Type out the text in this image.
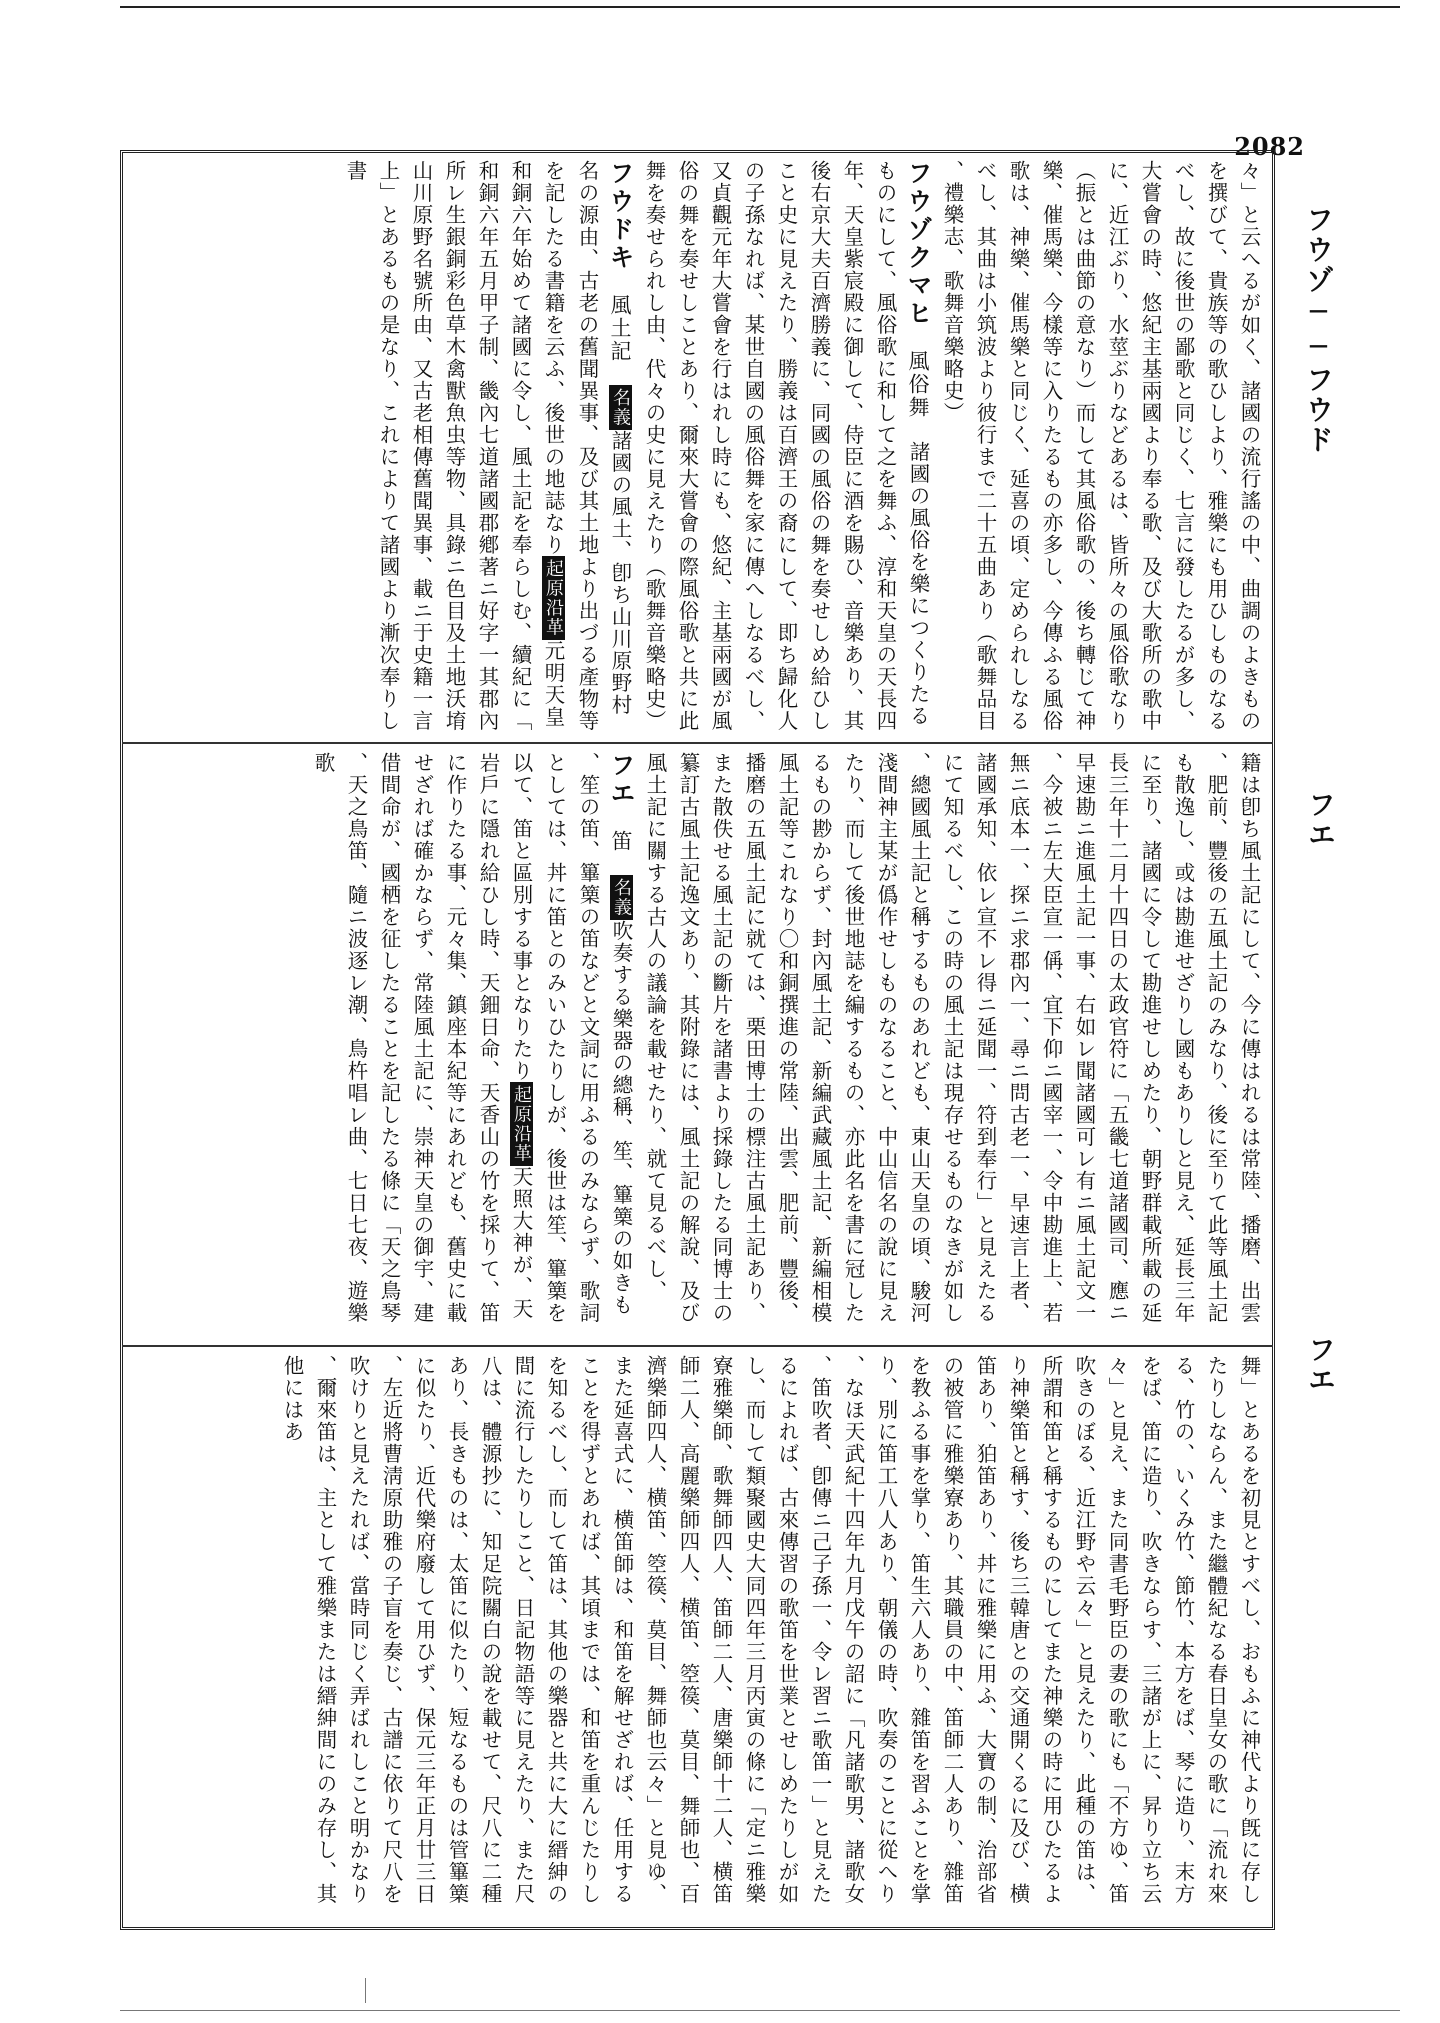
2082
フウゾ──フウド
フエ
フエ
々」と云へるが如く、諸國の流行謠の中、曲調のよきものを撰びて、貴族等の歌ひしより、雅樂にも用ひしものなるべし、故に後世の鄙歌と同じく、七言に發したるが多し、大嘗會の時、悠紀主基兩國より奉る歌、及び大歌所の歌中に、近江ぶり、水莖ぶりなどあるは、皆所々の風俗歌なり（振とは曲節の意なり）而して其風俗歌の、後ち轉じて神樂、催馬樂、今樣等に入りたるもの亦多し、今傳ふる風俗歌は、神樂、催馬樂と同じく、延喜の頃、定められしなるべし、其曲は小筑波より彼行まで二十五曲あり（歌舞品目、禮樂志、歌舞音樂略史）
フウゾクマヒ　風俗舞　諸國の風俗を樂につくりたるものにして、風俗歌に和して之を舞ふ、淳和天皇の天長四年、天皇紫宸殿に御して、侍臣に酒を賜ひ、音樂あり、其後右京大夫百濟勝義に、同國の風俗の舞を奏せしめ給ひしこと史に見えたり、勝義は百濟王の裔にして、即ち歸化人の子孫なれば、某世自國の風俗舞を家に傳へしなるべし、又貞觀元年大嘗會を行はれし時にも、悠紀、主基兩國が風俗の舞を奏せしことあり、爾來大嘗會の際風俗歌と共に此舞を奏せられし由、代々の史に見えたり（歌舞音樂略史）
フウドキ　風土記　名義諸國の風土、卽ち山川原野村名の源由、古老の舊聞異事、及び其土地より出づる產物等を記したる書籍を云ふ、後世の地誌なり起原沿革元明天皇和銅六年始めて諸國に令し、風土記を奉らしむ、續紀に「和銅六年五月甲子制、畿內七道諸國郡鄕著ニ好字一其郡內所レ生銀銅彩色草木禽獸魚虫等物、具錄ニ色目及土地沃堉山川原野名號所由、又古老相傳舊聞異事、載ニ于史籍一言上」とあるもの是なり、これによりて諸國より漸次奉りし書
籍は卽ち風土記にして、今に傳はれるは常陸、播磨、出雲、肥前、豐後の五風土記のみなり、後に至りて此等風土記も散逸し、或は勘進せざりし國もありしと見え、延長三年に至り、諸國に令して勘進せしめたり、朝野群載所載の延長三年十二月十四日の太政官符に「五畿七道諸國司、應ニ早速勘ニ進風土記一事、右如レ聞諸國可レ有ニ風土記文一、今被ニ左大臣宣一偁、宜下仰ニ國宰一、令中勘進上、若無ニ底本一、探ニ求郡內一、尋ニ問古老一、早速言上者、諸國承知、依レ宣不レ得ニ延聞一、符到奉行」と見えたるにて知るべし、この時の風土記は現存せるものなきが如し、總國風土記と稱するものあれども、東山天皇の頃、駿河淺間神主某が僞作せしものなること、中山信名の說に見えたり、而して後世地誌を編するもの、亦此名を書に冠したるもの尠からず、封內風土記、新編武藏風土記、新編相模風土記等これなり〇和銅撰進の常陸、出雲、肥前、豐後、播磨の五風土記に就ては、栗田博士の標注古風土記あり、また散佚せる風土記の斷片を諸書より採錄したる同博士の纂訂古風土記逸文あり、其附錄には、風土記の解說、及び風土記に關する古人の議論を載せたり、就て見るべし、
フエ　笛　名義吹奏する樂器の總稱、笙、篳篥の如きも、笙の笛、篳篥の笛などと文詞に用ふるのみならず、歌詞としては、丼に笛とのみいひたりしが、後世は笙、篳篥を以て、笛と區別する事となりたり起原沿革天照大神が、天岩戶に隱れ給ひし時、天鈿日命、天香山の竹を採りて、笛に作りたる事、元々集、鎮座本紀等にあれども、舊史に載せざれば確かならず、常陸風土記に、崇神天皇の御宇、建借間命が、國栖を征したることを記したる條に「天之鳥琴、天之鳥笛、隨ニ波逐レ潮、鳥杵唱レ曲、七日七夜、遊樂歌
舞」とあるを初見とすべし、おもふに神代より旣に存したりしならん、また繼體紀なる春日皇女の歌に「流れ來る、竹の、いくみ竹、節竹、本方をば、琴に造り、末方をば、笛に造り、吹きならす、三諸が上に、昇り立ち云々」と見え、また同書毛野臣の妻の歌にも「不方ゆ、笛吹きのぼる、近江野や云々」と見えたり、此種の笛は、所謂和笛と稱するものにしてまた神樂の時に用ひたるより神樂笛と稱す、後ち三韓唐との交通開くるに及び、横笛あり、狛笛あり、丼に雅樂に用ふ、大寶の制、治部省の被管に雅樂寮あり、其職員の中、笛師二人あり、雜笛を教ふる事を掌り、笛生六人あり、雜笛を習ふことを掌り、別に笛工八人あり、朝儀の時、吹奏のことに從へり、なほ天武紀十四年九月戊午の詔に「凡諸歌男、諸歌女、笛吹者、卽傳ニ己子孫一、令レ習ニ歌笛一」と見えたるによれば、古來傳習の歌笛を世業とせしめたりしが如し、而して類聚國史大同四年三月丙寅の條に「定ニ雅樂寮雅樂師、歌舞師四人、笛師二人、唐樂師十二人、横笛師二人、高麗樂師四人、横笛、箜篌、莫目、舞師也、百濟樂師四人、横笛、箜篌、莫目、舞師也云々」と見ゆ、また延喜式に、横笛師は、和笛を解せざれば、任用することを得ずとあれば、其頃までは、和笛を重んじたりしを知るべし、而して笛は、其他の樂器と共に大に縉紳の間に流行したりしこと、日記物語等に見えたり、また尺八は、體源抄に、知足院關白の說を載せて、尺八に二種あり、長きものは、太笛に似たり、短なるものは管篳篥に似たり、近代樂府廢して用ひず、保元三年正月廿三日、左近將曹淸原助雅の子盲を奏じ、古譜に依りて尺八を吹けりと見えたれば、當時同じく弄ばれしこと明かなり、爾來笛は、主として雅樂または縉紳間にのみ存し、其他にはあ
